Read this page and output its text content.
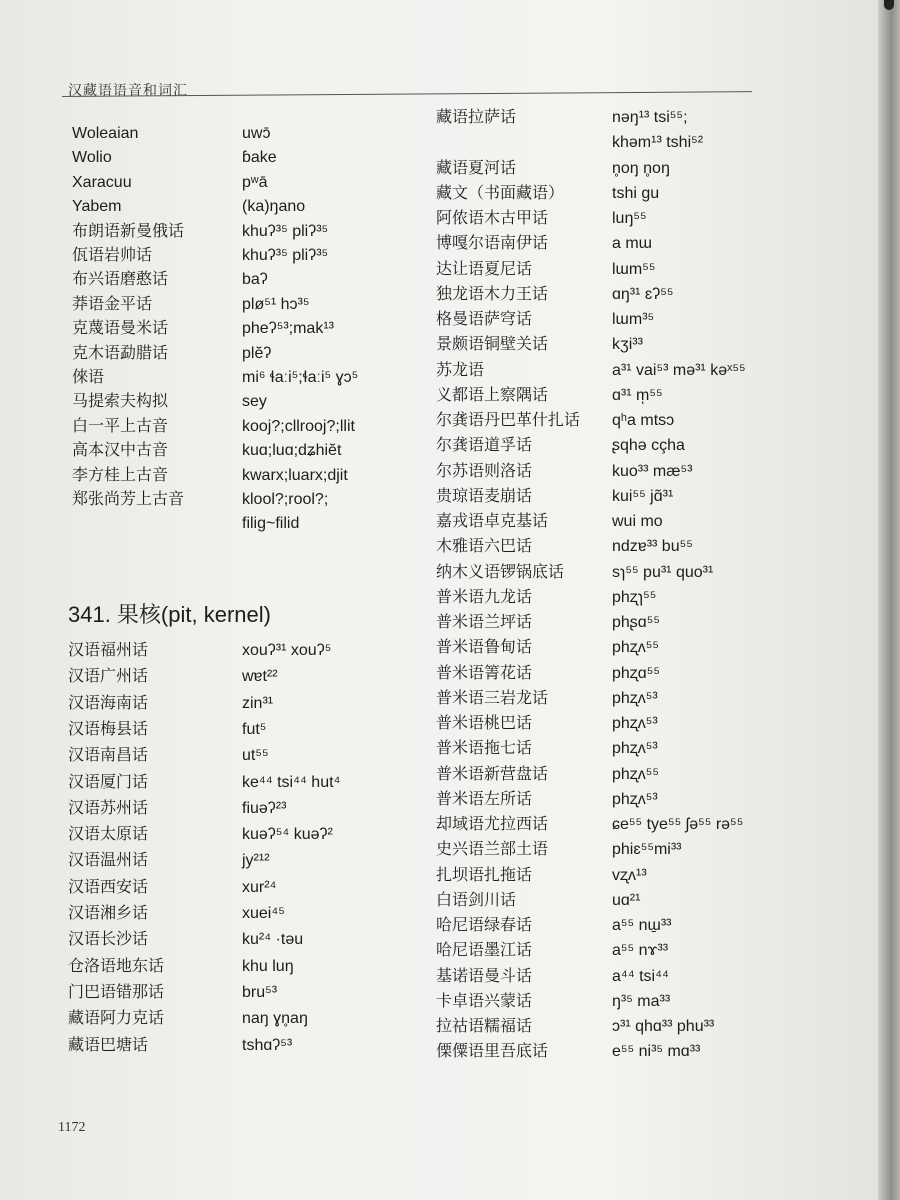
汉藏语语音和词汇
Woleaian	uwɔ̄
Wolio	ɓake
Xaracuu	pʷā
Yabem	(ka)ŋano
布朗语新曼俄话	khuʔ³⁵ pliʔ³⁵
佤语岩帅话	khuʔ³⁵ pliʔ³⁵
布兴语磨憨话	baʔ
莽语金平话	plø⁵¹ hɔ³⁵
克蔑语曼米话	pheʔ⁵³;mak¹³
克木语勐腊话	plĕʔ
倈语	mi⁶ ɬaːi⁵;ɬaːi⁵ ɣɔ⁵
马提索夫构拟	sey
白一平上古音	kooj?;cllrooj?;llit
高本汉中古音	kuɑ;luɑ;dʑhiĕt
李方桂上古音	kwarx;luarx;djit
郑张尚芳上古音	klool?;rool?;
filig~filid
341. 果核(pit, kernel)
汉语福州话	xouʔ³¹ xouʔ⁵
汉语广州话	wɐt²²
汉语海南话	zin³¹
汉语梅县话	fut⁵
汉语南昌话	ut⁵⁵
汉语厦门话	ke⁴⁴ tsi⁴⁴ hut⁴
汉语苏州话	fiuəʔ²³
汉语太原话	kuəʔ⁵⁴ kuəʔ²
汉语温州话	jy²¹²
汉语西安话	xur²⁴
汉语湘乡话	xuei⁴⁵
汉语长沙话	ku²⁴ ·təu
仓洛语地东话	khu luŋ
门巴语错那话	bru⁵³
藏语阿力克话	naŋ ɣn̥aŋ
藏语巴塘话	tshɑʔ⁵³
藏语拉萨话	nəŋ¹³ tsi⁵⁵;
khəm¹³ tshi⁵²
藏语夏河话	n̥oŋ n̥oŋ
藏文（书面藏语）	tshi gu
阿侬语木古甲话	luŋ⁵⁵
博嘎尔语南伊话	a mɯ
达让语夏尼话	lɯm⁵⁵
独龙语木力王话	ɑŋ³¹ ɛʔ⁵⁵
格曼语萨穹话	lɯm³⁵
景颇语铜壁关话	kʒi³³
苏龙语	a³¹ vai⁵³ mə³¹ kəˣ⁵⁵
义都语上察隅话	ɑ³¹ m̩⁵⁵
尔龚语丹巴革什扎话 qʰa mtsɔ
尔龚语道孚话	ʂqhə cçha
尔苏语则洛话	kuo³³ mæ⁵³
贵琼语麦崩话	kui⁵⁵ jɑ̃³¹
嘉戎语卓克基话	wui mo
木雅语六巴话	ndzɐ³³ bu⁵⁵
纳木义语锣锅底话	sɿ⁵⁵ pu³¹ quo³¹
普米语九龙话	phʐɿ⁵⁵
普米语兰坪话	phʂɑ⁵⁵
普米语鲁甸话	phʐʌ⁵⁵
普米语箐花话	phʐɑ⁵⁵
普米语三岩龙话	phʐʌ⁵³
普米语桃巴话	phʐʌ⁵³
普米语拖七话	phʐʌ⁵³
普米语新营盘话	phʐʌ⁵⁵
普米语左所话	phʐʌ⁵³
却域语尤拉西话	ɕe⁵⁵ tye⁵⁵ ʃə⁵⁵ rə⁵⁵
史兴语兰部土语	phiɛ⁵⁵mi³³
扎坝语扎拖话	vʐʌ¹³
白语剑川话	uɑ²¹
哈尼语绿春话	a⁵⁵ nɯ̱³³
哈尼语墨江话	a⁵⁵ nɤ³³
基诺语曼斗话	a⁴⁴ tsi⁴⁴
卡卓语兴蒙话	ŋ³⁵ ma³³
拉祜语糯福话	ɔ³¹ qhɑ³³ phu³³
傈僳语里吾底话	e⁵⁵ ni³⁵ mɑ³³
1172
